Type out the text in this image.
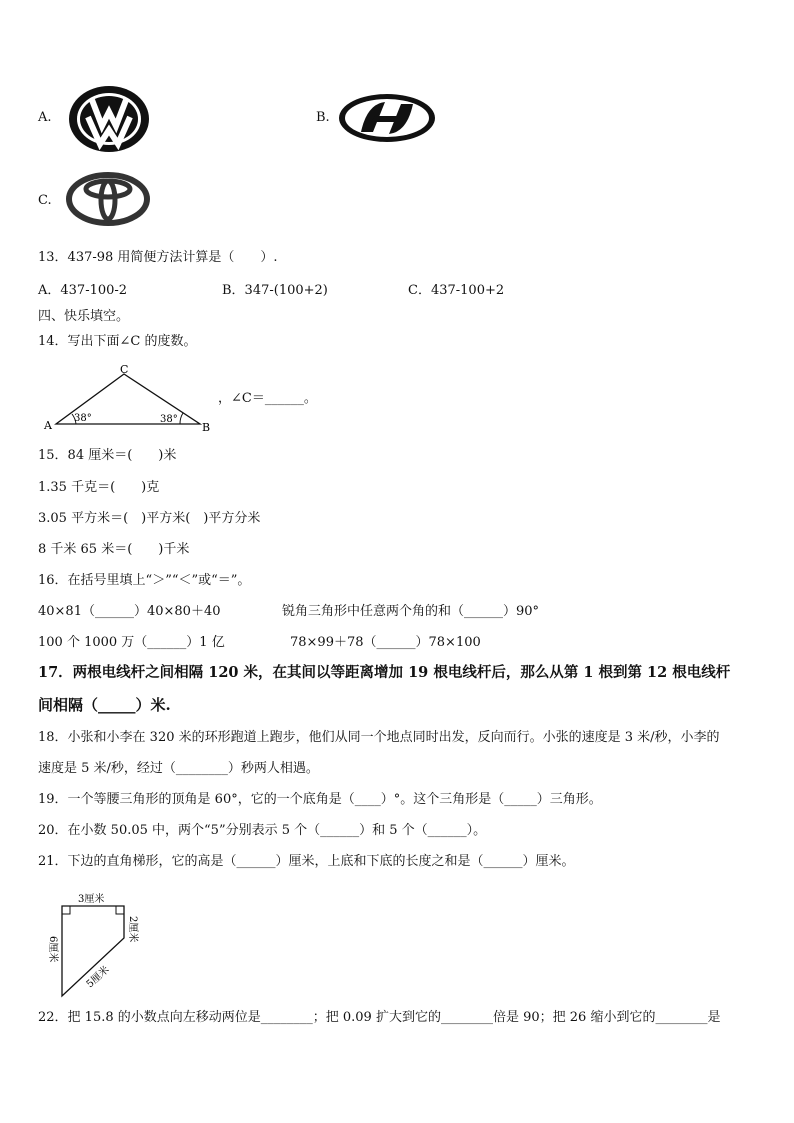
A.	B.
C.
13．437-98 用简便方法计算是（　　）.
A．437-100-2	B．347-(100+2)	C．437-100+2
四、快乐填空。
14．写出下面∠C 的度数。
C
A	B
38°	38°
，∠C＝______。
15．84 厘米＝(　　)米
1.35 千克＝(　　)克
3.05 平方米＝(　)平方米(　)平方分米
8 千米 65 米＝(　　)千米
16．在括号里填上“＞”“＜”或“＝”。
40×81（______）40×80＋40	锐角三角形中任意两个角的和（______）90°
100 个 1000 万（______）1 亿	78×99＋78（______）78×100
17．两根电线杆之间相隔 120 米，在其间以等距离增加 19 根电线杆后，那么从第 1 根到第 12 根电线杆
间相隔（_____）米.
18．小张和小李在 320 米的环形跑道上跑步，他们从同一个地点同时出发，反向而行。小张的速度是 3 米/秒，小李的
速度是 5 米/秒，经过（________）秒两人相遇。
19．一个等腰三角形的顶角是 60°，它的一个底角是（____）°。这个三角形是（_____）三角形。
20．在小数 50.05 中，两个“5”分别表示 5 个（______）和 5 个（______）。
21．下边的直角梯形，它的高是（______）厘米，上底和下底的长度之和是（______）厘米。
3厘米
6厘米
2厘米
5厘米
22．把 15.8 的小数点向左移动两位是________；把 0.09 扩大到它的________倍是 90；把 26 缩小到它的________是
